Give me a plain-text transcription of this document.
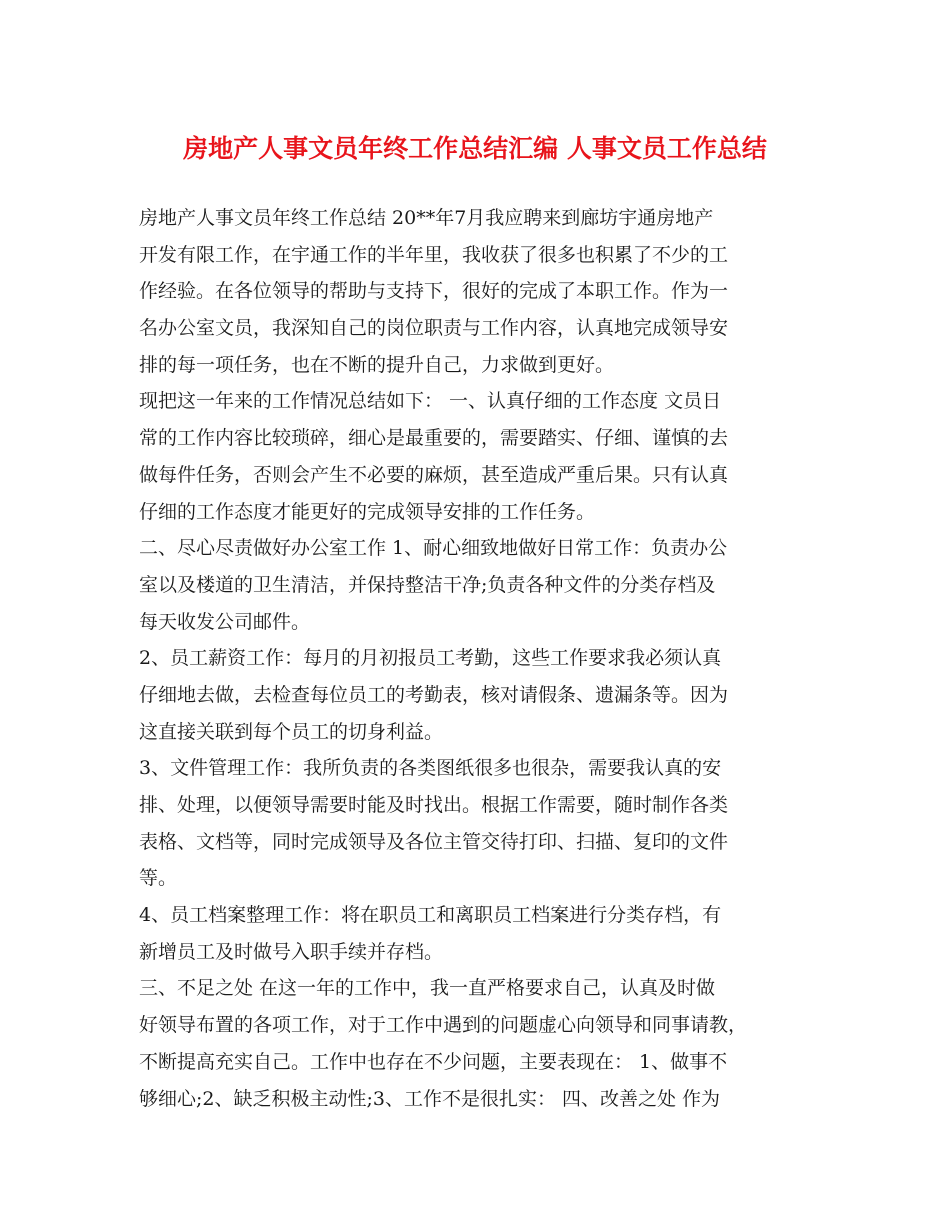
房地产人事文员年终工作总结汇编 人事文员工作总结
房地产人事文员年终工作总结 20**年7月我应聘来到廊坊宇通房地产
开发有限工作，在宇通工作的半年里，我收获了很多也积累了不少的工
作经验。在各位领导的帮助与支持下，很好的完成了本职工作。作为一
名办公室文员，我深知自己的岗位职责与工作内容，认真地完成领导安
排的每一项任务，也在不断的提升自己，力求做到更好。
现把这一年来的工作情况总结如下： 一、认真仔细的工作态度 文员日
常的工作内容比较琐碎，细心是最重要的，需要踏实、仔细、谨慎的去
做每件任务，否则会产生不必要的麻烦，甚至造成严重后果。只有认真
仔细的工作态度才能更好的完成领导安排的工作任务。
二、尽心尽责做好办公室工作 1、耐心细致地做好日常工作：负责办公
室以及楼道的卫生清洁，并保持整洁干净;负责各种文件的分类存档及
每天收发公司邮件。
2、员工薪资工作：每月的月初报员工考勤，这些工作要求我必须认真
仔细地去做，去检查每位员工的考勤表，核对请假条、遗漏条等。因为
这直接关联到每个员工的切身利益。
3、文件管理工作：我所负责的各类图纸很多也很杂，需要我认真的安
排、处理，以便领导需要时能及时找出。根据工作需要，随时制作各类
表格、文档等，同时完成领导及各位主管交待打印、扫描、复印的文件
等。
4、员工档案整理工作：将在职员工和离职员工档案进行分类存档，有
新增员工及时做号入职手续并存档。
三、不足之处 在这一年的工作中，我一直严格要求自己，认真及时做
好领导布置的各项工作，对于工作中遇到的问题虚心向领导和同事请教，
不断提高充实自己。工作中也存在不少问题，主要表现在： 1、做事不
够细心;2、缺乏积极主动性;3、工作不是很扎实： 四、改善之处 作为
